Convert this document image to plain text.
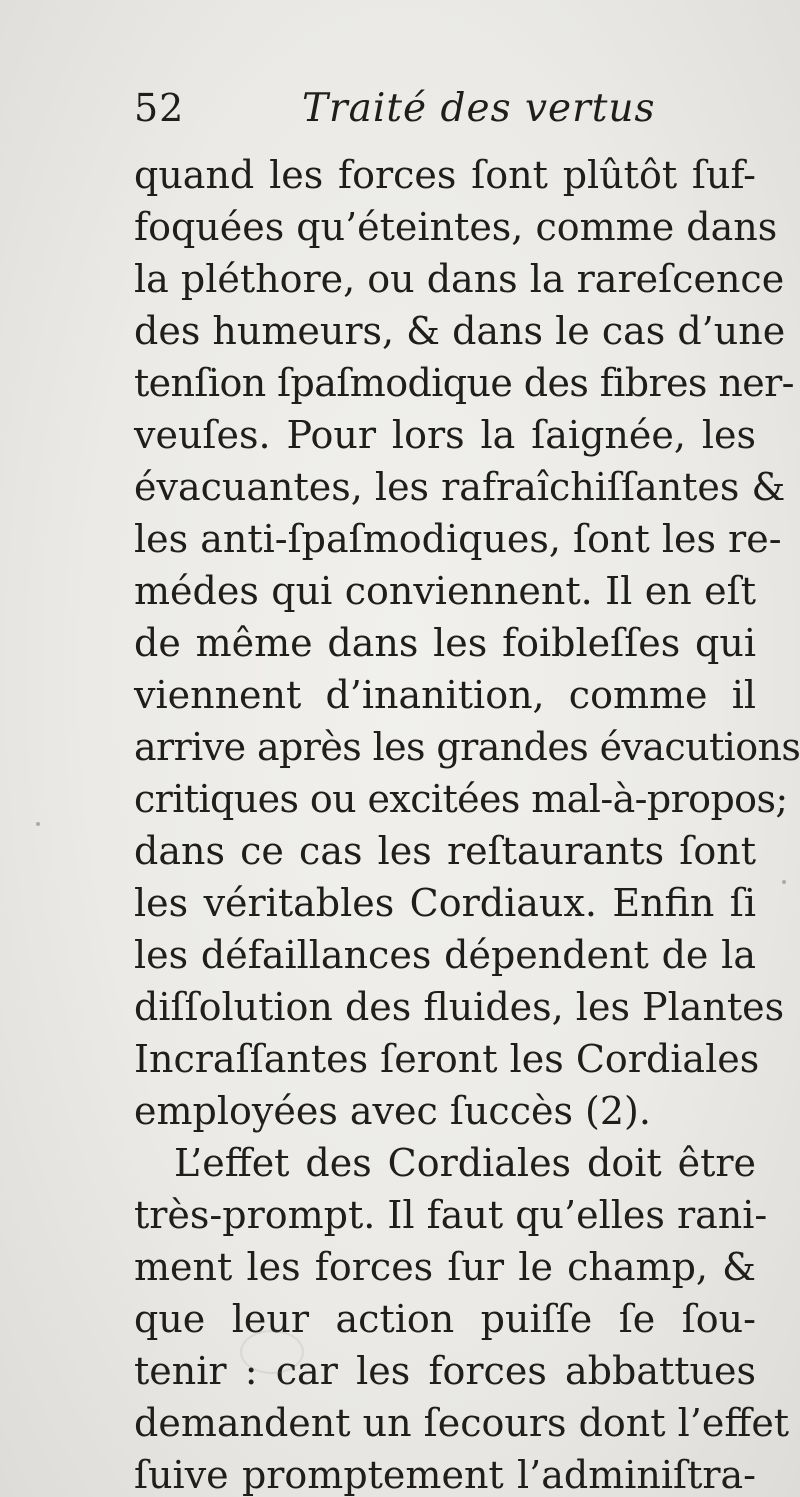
52	Traité des vertus
quand les forces ſont plûtôt ſuf-
foquées qu’éteintes, comme dans
la pléthore, ou dans la rareſcence
des humeurs, & dans le cas d’une
tenſion ſpaſmodique des fibres ner-
veuſes. Pour lors la ſaignée, les
évacuantes, les rafraîchiſſantes &
les anti-ſpaſmodiques, ſont les re-
médes qui conviennent. Il en eſt
de même dans les foibleſſes qui
viennent d’inanition, comme il
arrive après les grandes évacutions
critiques ou excitées mal-à-propos;
dans ce cas les reſtaurants ſont
les véritables Cordiaux. Enfin ſi
les défaillances dépendent de la
diſſolution des fluides, les Plantes
Incraſſantes ſeront les Cordiales
employées avec ſuccès (2).
L’effet des Cordiales doit être
très-prompt. Il faut qu’elles rani-
ment les forces ſur le champ, &
que leur action puiſſe ſe ſou-
tenir : car les forces abbattues
demandent un ſecours dont l’effet
ſuive promptement l’adminiſtra-
